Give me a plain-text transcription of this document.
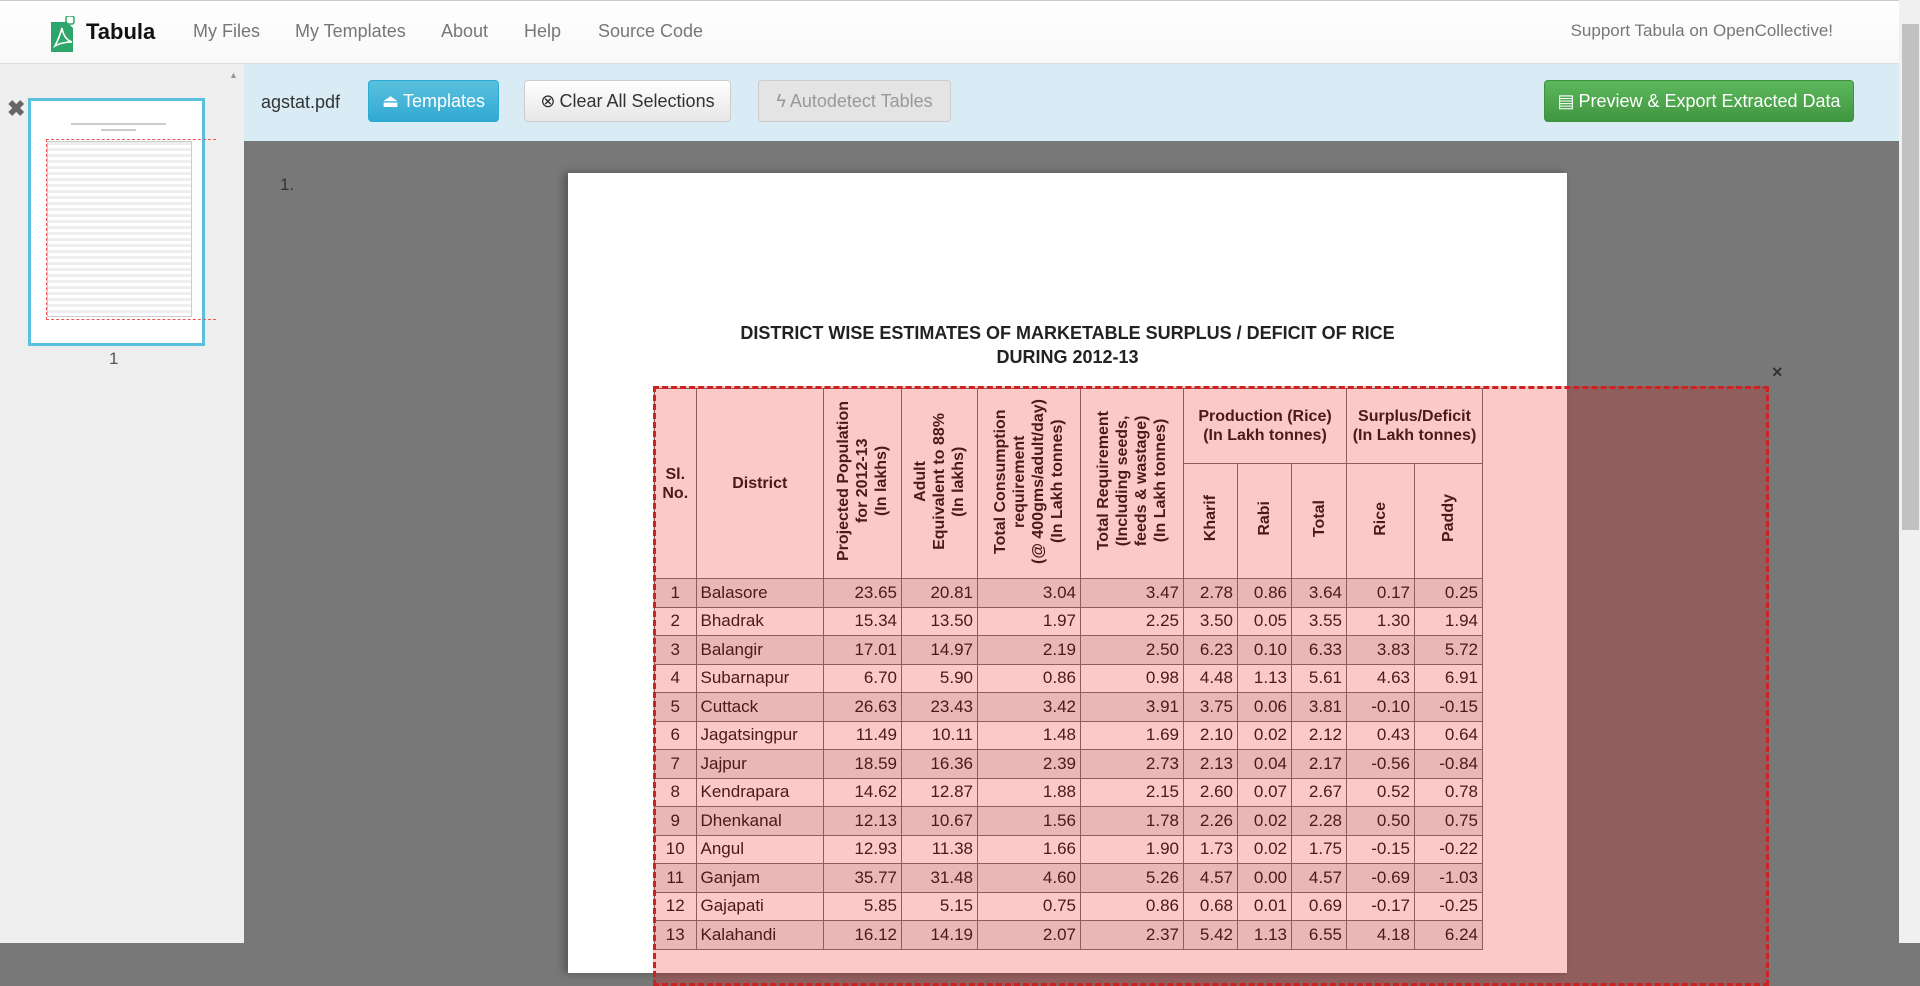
Tabula My Files My Templates About Help Source Code	Support Tabula on OpenCollective!
▲
✖
1
agstat.pdf ⏏ Templates	⊗ Clear All Selections	ϟ Autodetect Tables	▤ Preview & Export Extracted Data
1.
DISTRICT WISE ESTIMATES OF MARKETABLE SURPLUS / DEFICIT OF RICE
DURING 2012-13
Sl. No.	District	Projected Population for 2012-13 (In lakhs)	Adult Equivalent to 88% (In lakhs)	Total Consumption requirement (@ 400gms/adult/day) (In Lakh tonnes)	Total Requirement (Including seeds, feeds & wastage) (In Lakh tonnes)	Production (Rice) (In Lakh tonnes)			Surplus/Deficit (In Lakh tonnes)	
						Kharif	Rabi	Total	Rice	Paddy
1	Balasore	23.65	20.81	3.04	3.47	2.78	0.86	3.64	0.17	0.25
2	Bhadrak	15.34	13.50	1.97	2.25	3.50	0.05	3.55	1.30	1.94
3	Balangir	17.01	14.97	2.19	2.50	6.23	0.10	6.33	3.83	5.72
4	Subarnapur	6.70	5.90	0.86	0.98	4.48	1.13	5.61	4.63	6.91
5	Cuttack	26.63	23.43	3.42	3.91	3.75	0.06	3.81	-0.10	-0.15
6	Jagatsingpur	11.49	10.11	1.48	1.69	2.10	0.02	2.12	0.43	0.64
7	Jajpur	18.59	16.36	2.39	2.73	2.13	0.04	2.17	-0.56	-0.84
8	Kendrapara	14.62	12.87	1.88	2.15	2.60	0.07	2.67	0.52	0.78
9	Dhenkanal	12.13	10.67	1.56	1.78	2.26	0.02	2.28	0.50	0.75
10	Angul	12.93	11.38	1.66	1.90	1.73	0.02	1.75	-0.15	-0.22
11	Ganjam	35.77	31.48	4.60	5.26	4.57	0.00	4.57	-0.69	-1.03
12	Gajapati	5.85	5.15	0.75	0.86	0.68	0.01	0.69	-0.17	-0.25
13	Kalahandi	16.12	14.19	2.07	2.37	5.42	1.13	6.55	4.18	6.24
×
